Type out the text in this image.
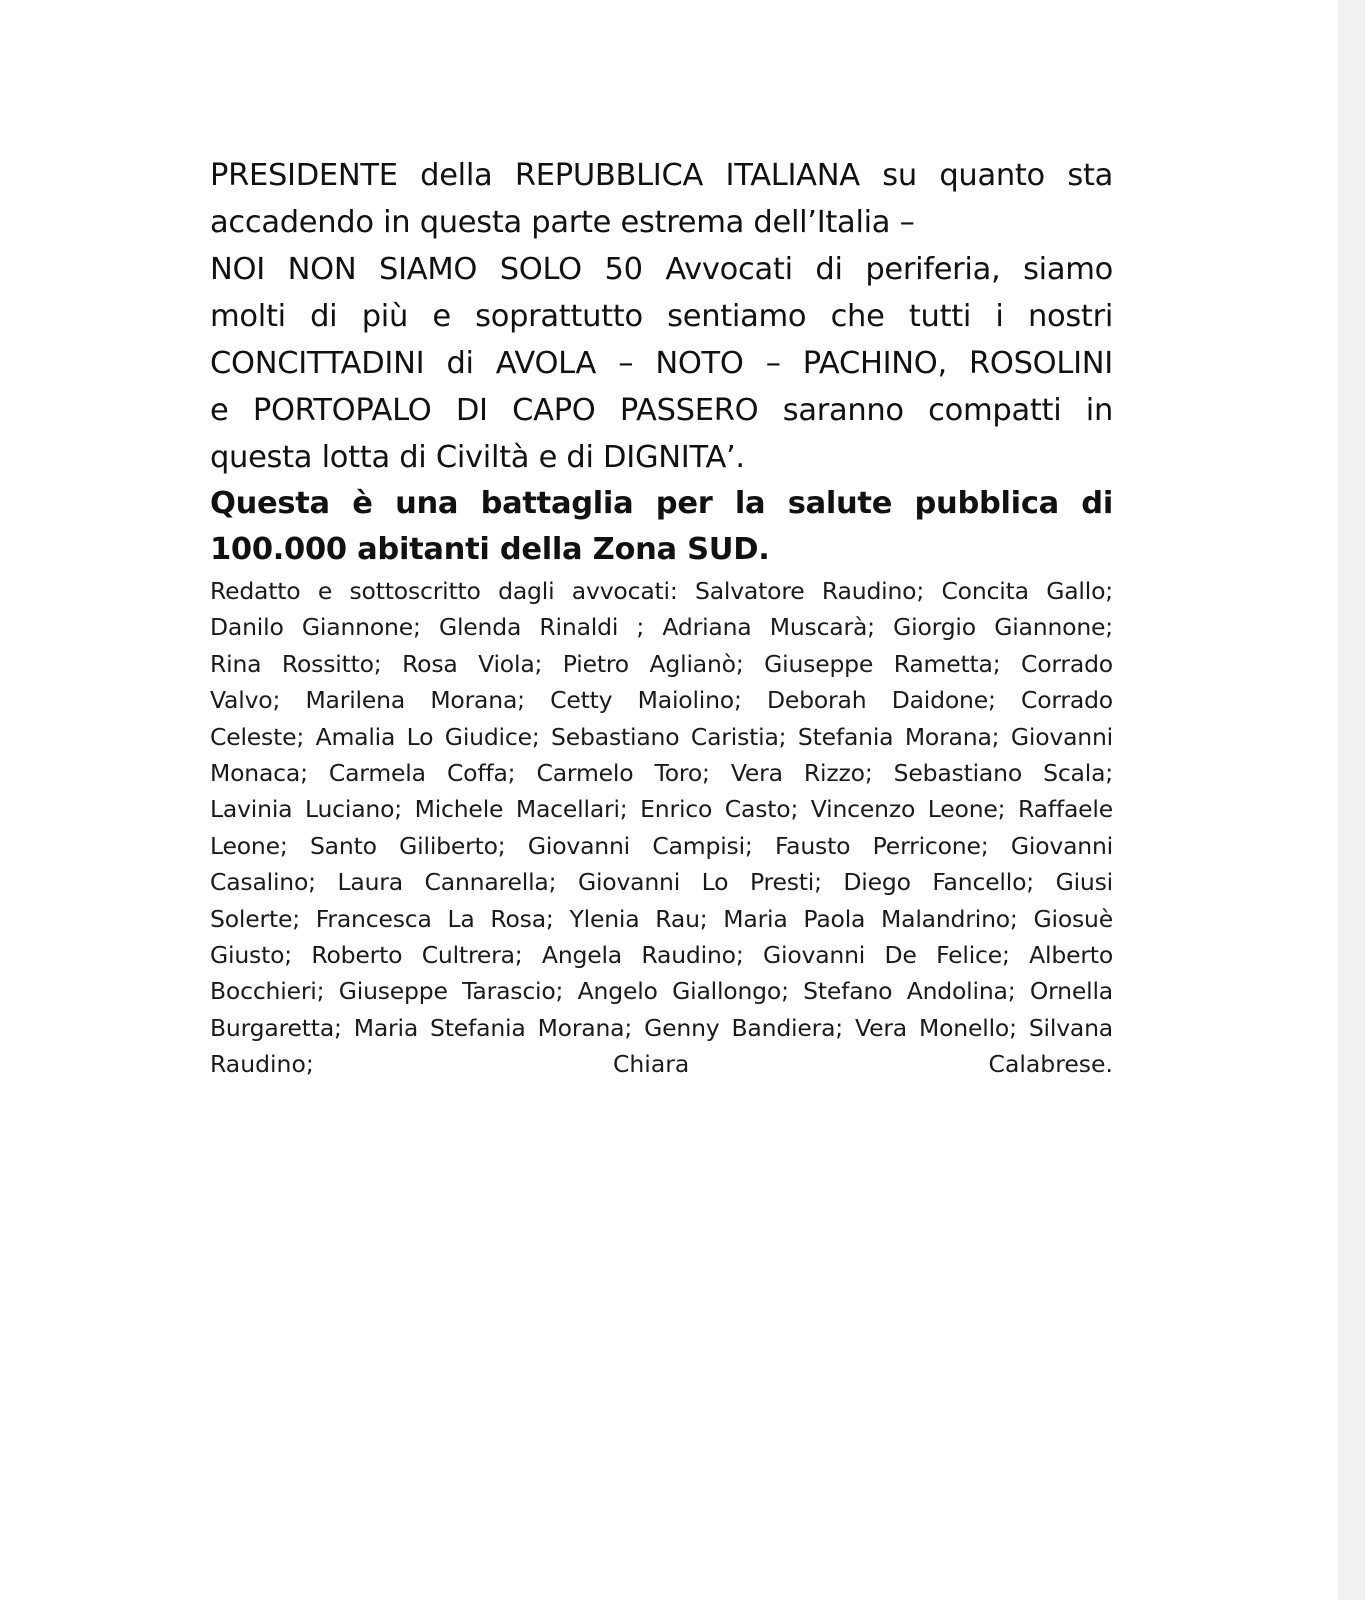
PRESIDENTE della REPUBBLICA ITALIANA su quanto sta
accadendo in questa parte estrema dell’Italia –
NOI NON SIAMO SOLO 50 Avvocati di periferia, siamo
molti di più e soprattutto sentiamo che tutti i nostri
CONCITTADINI di AVOLA – NOTO – PACHINO, ROSOLINI
e PORTOPALO DI CAPO PASSERO saranno compatti in
questa lotta di Civiltà e di DIGNITA’.
Questa è una battaglia per la salute pubblica di
100.000 abitanti della Zona SUD.
Redatto e sottoscritto dagli avvocati: Salvatore Raudino; Concita Gallo;
Danilo Giannone; Glenda Rinaldi ; Adriana Muscarà; Giorgio Giannone;
Rina Rossitto; Rosa Viola; Pietro Aglianò; Giuseppe Rametta; Corrado
Valvo; Marilena Morana; Cetty Maiolino; Deborah Daidone; Corrado
Celeste; Amalia Lo Giudice; Sebastiano Caristia; Stefania Morana; Giovanni
Monaca; Carmela Coffa; Carmelo Toro; Vera Rizzo; Sebastiano Scala;
Lavinia Luciano; Michele Macellari; Enrico Casto; Vincenzo Leone; Raffaele
Leone; Santo Giliberto; Giovanni Campisi; Fausto Perricone; Giovanni
Casalino; Laura Cannarella; Giovanni Lo Presti; Diego Fancello; Giusi
Solerte; Francesca La Rosa; Ylenia Rau; Maria Paola Malandrino; Giosuè
Giusto; Roberto Cultrera; Angela Raudino; Giovanni De Felice; Alberto
Bocchieri; Giuseppe Tarascio; Angelo Giallongo; Stefano Andolina; Ornella
Burgaretta; Maria Stefania Morana; Genny Bandiera; Vera Monello; Silvana
Raudino;	Chiara	Calabrese.
